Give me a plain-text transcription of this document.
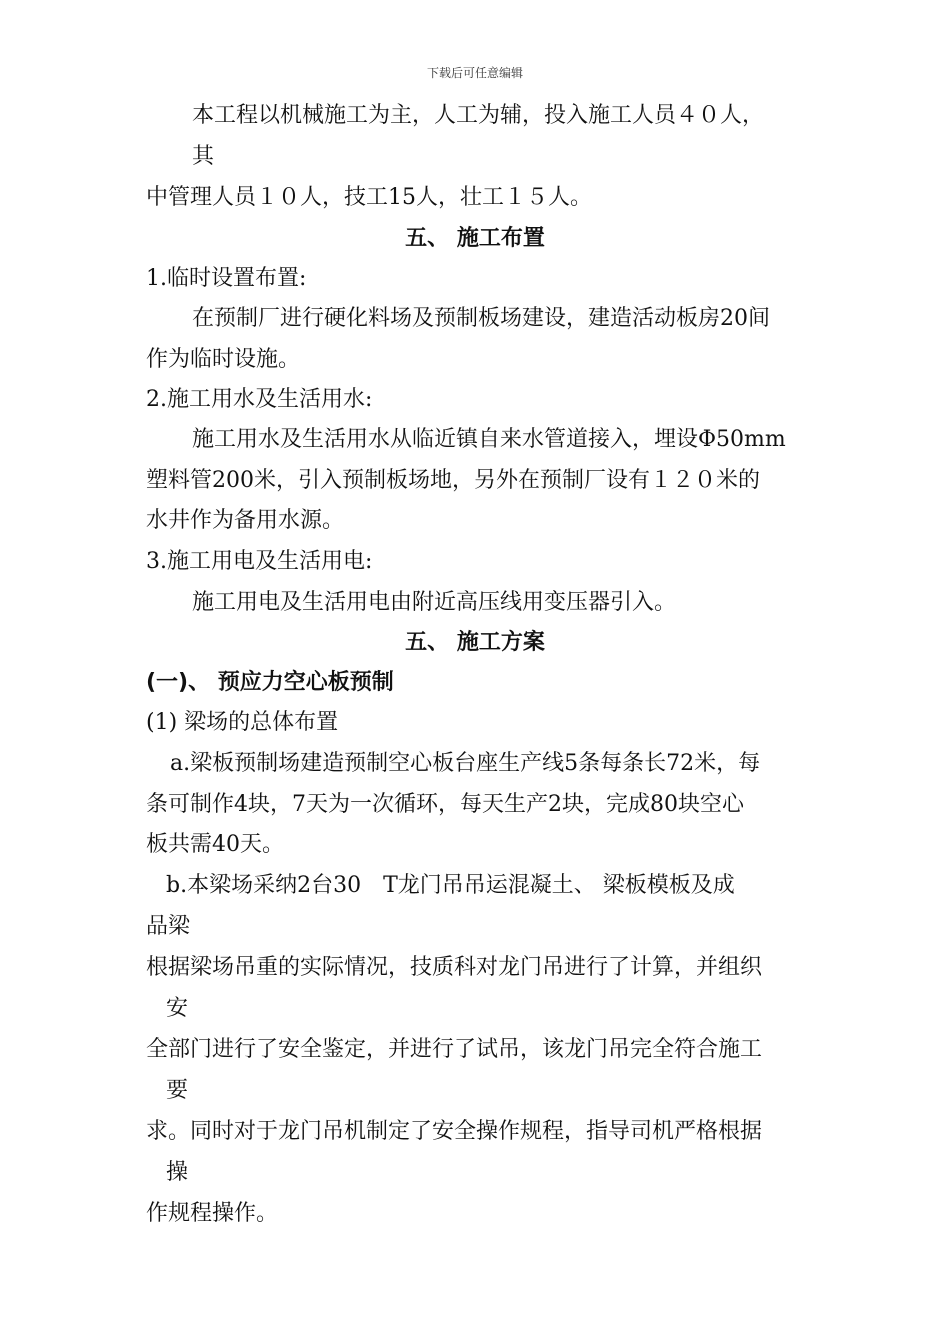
下载后可任意编辑
本工程以机械施工为主，人工为辅，投入施工人员４０人，
其
中管理人员１０人，技工15人，壮工１５人。
五、 施工布置
1.临时设置布置:
在预制厂进行硬化料场及预制板场建设，建造活动板房20间
作为临时设施。
2.施工用水及生活用水:
施工用水及生活用水从临近镇自来水管道接入，埋设Φ50mm
塑料管200米，引入预制板场地，另外在预制厂设有１２０米的
水井作为备用水源。
3.施工用电及生活用电:
施工用电及生活用电由附近高压线用变压器引入。
五、 施工方案
(一)、 预应力空心板预制
(1) 梁场的总体布置
a.梁板预制场建造预制空心板台座生产线5条每条长72米，每
条可制作4块，7天为一次循环，每天生产2块，完成80块空心
板共需40天。
b.本梁场采纳2台30　T龙门吊吊运混凝土、 梁板模板及成
品梁
根据梁场吊重的实际情况，技质科对龙门吊进行了计算，并组织
安
全部门进行了安全鉴定，并进行了试吊，该龙门吊完全符合施工
要
求。同时对于龙门吊机制定了安全操作规程，指导司机严格根据
操
作规程操作。
